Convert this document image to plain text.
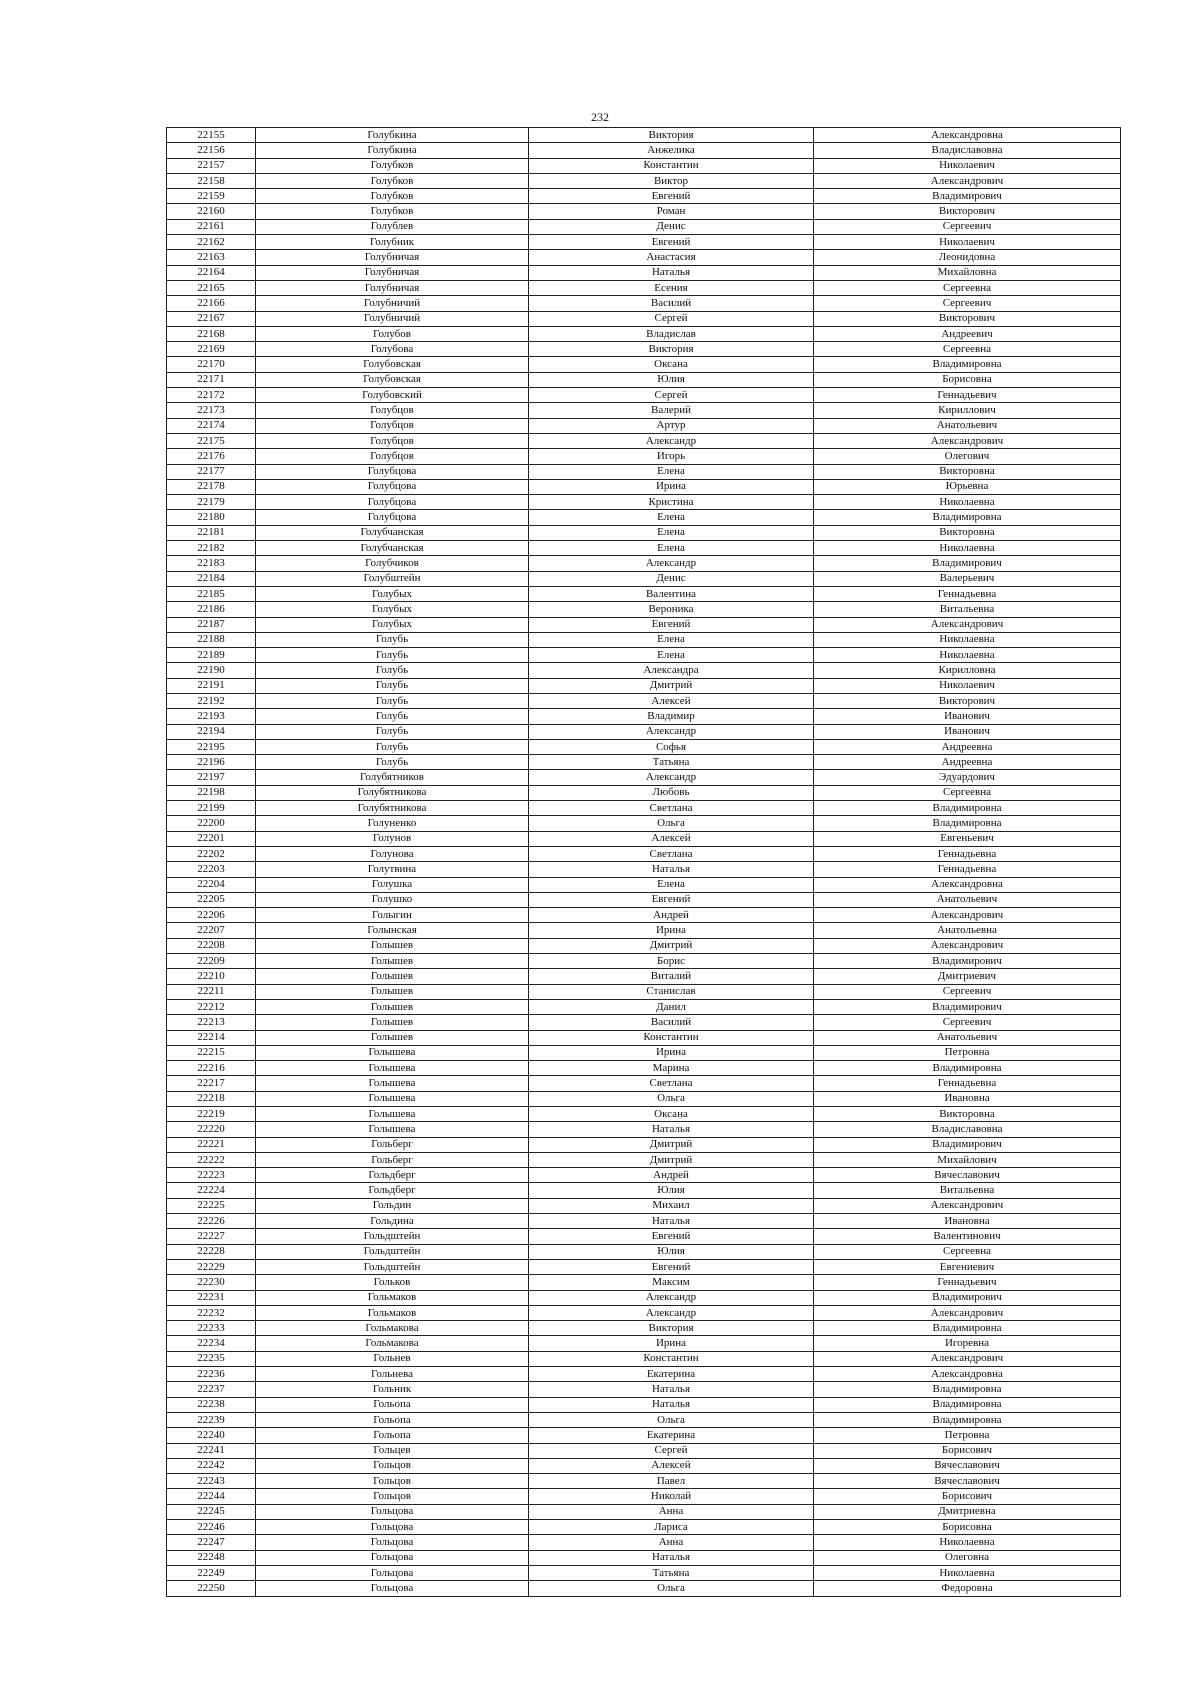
232
22155	Голубкина	Виктория	Александровна
22156	Голубкина	Анжелика	Владиславовна
22157	Голубков	Константин	Николаевич
22158	Голубков	Виктор	Александрович
22159	Голубков	Евгений	Владимирович
22160	Голубков	Роман	Викторович
22161	Голублев	Денис	Сергеевич
22162	Голубник	Евгений	Николаевич
22163	Голубничая	Анастасия	Леонидовна
22164	Голубничая	Наталья	Михайловна
22165	Голубничая	Есения	Сергеевна
22166	Голубничий	Василий	Сергеевич
22167	Голубничий	Сергей	Викторович
22168	Голубов	Владислав	Андреевич
22169	Голубова	Виктория	Сергеевна
22170	Голубовская	Оксана	Владимировна
22171	Голубовская	Юлия	Борисовна
22172	Голубовский	Сергей	Геннадьевич
22173	Голубцов	Валерий	Кириллович
22174	Голубцов	Артур	Анатольевич
22175	Голубцов	Александр	Александрович
22176	Голубцов	Игорь	Олегович
22177	Голубцова	Елена	Викторовна
22178	Голубцова	Ирина	Юрьевна
22179	Голубцова	Кристина	Николаевна
22180	Голубцова	Елена	Владимировна
22181	Голубчанская	Елена	Викторовна
22182	Голубчанская	Елена	Николаевна
22183	Голубчиков	Александр	Владимирович
22184	Голубштейн	Денис	Валерьевич
22185	Голубых	Валентина	Геннадьевна
22186	Голубых	Вероника	Витальевна
22187	Голубых	Евгений	Александрович
22188	Голубь	Елена	Николаевна
22189	Голубь	Елена	Николаевна
22190	Голубь	Александра	Кирилловна
22191	Голубь	Дмитрий	Николаевич
22192	Голубь	Алексей	Викторович
22193	Голубь	Владимир	Иванович
22194	Голубь	Александр	Иванович
22195	Голубь	Софья	Андреевна
22196	Голубь	Татьяна	Андреевна
22197	Голубятников	Александр	Эдуардович
22198	Голубятникова	Любовь	Сергеевна
22199	Голубятникова	Светлана	Владимировна
22200	Голуненко	Ольга	Владимировна
22201	Голунов	Алексей	Евгеньевич
22202	Голунова	Светлана	Геннадьевна
22203	Голутвина	Наталья	Геннадьевна
22204	Голушка	Елена	Александровна
22205	Голушко	Евгений	Анатольевич
22206	Голыгин	Андрей	Александрович
22207	Голынская	Ирина	Анатольевна
22208	Голышев	Дмитрий	Александрович
22209	Голышев	Борис	Владимирович
22210	Голышев	Виталий	Дмитриевич
22211	Голышев	Станислав	Сергеевич
22212	Голышев	Данил	Владимирович
22213	Голышев	Василий	Сергеевич
22214	Голышев	Константин	Анатольевич
22215	Голышева	Ирина	Петровна
22216	Голышева	Марина	Владимировна
22217	Голышева	Светлана	Геннадьевна
22218	Голышева	Ольга	Ивановна
22219	Голышева	Оксана	Викторовна
22220	Голышева	Наталья	Владиславовна
22221	Гольберг	Дмитрий	Владимирович
22222	Гольберг	Дмитрий	Михайлович
22223	Гольдберг	Андрей	Вячеславович
22224	Гольдберг	Юлия	Витальевна
22225	Гольдин	Михаил	Александрович
22226	Гольдина	Наталья	Ивановна
22227	Гольдштейн	Евгений	Валентинович
22228	Гольдштейн	Юлия	Сергеевна
22229	Гольдштейн	Евгений	Евгениевич
22230	Гольков	Максим	Геннадьевич
22231	Гольмаков	Александр	Владимирович
22232	Гольмаков	Александр	Александрович
22233	Гольмакова	Виктория	Владимировна
22234	Гольмакова	Ирина	Игоревна
22235	Гольнев	Константин	Александрович
22236	Гольнева	Екатерина	Александровна
22237	Гольник	Наталья	Владимировна
22238	Гольопа	Наталья	Владимировна
22239	Гольопа	Ольга	Владимировна
22240	Гольопа	Екатерина	Петровна
22241	Гольцев	Сергей	Борисович
22242	Гольцов	Алексей	Вячеславович
22243	Гольцов	Павел	Вячеславович
22244	Гольцов	Николай	Борисович
22245	Гольцова	Анна	Дмитриевна
22246	Гольцова	Лариса	Борисовна
22247	Гольцова	Анна	Николаевна
22248	Гольцова	Наталья	Олеговна
22249	Гольцова	Татьяна	Николаевна
22250	Гольцова	Ольга	Федоровна
